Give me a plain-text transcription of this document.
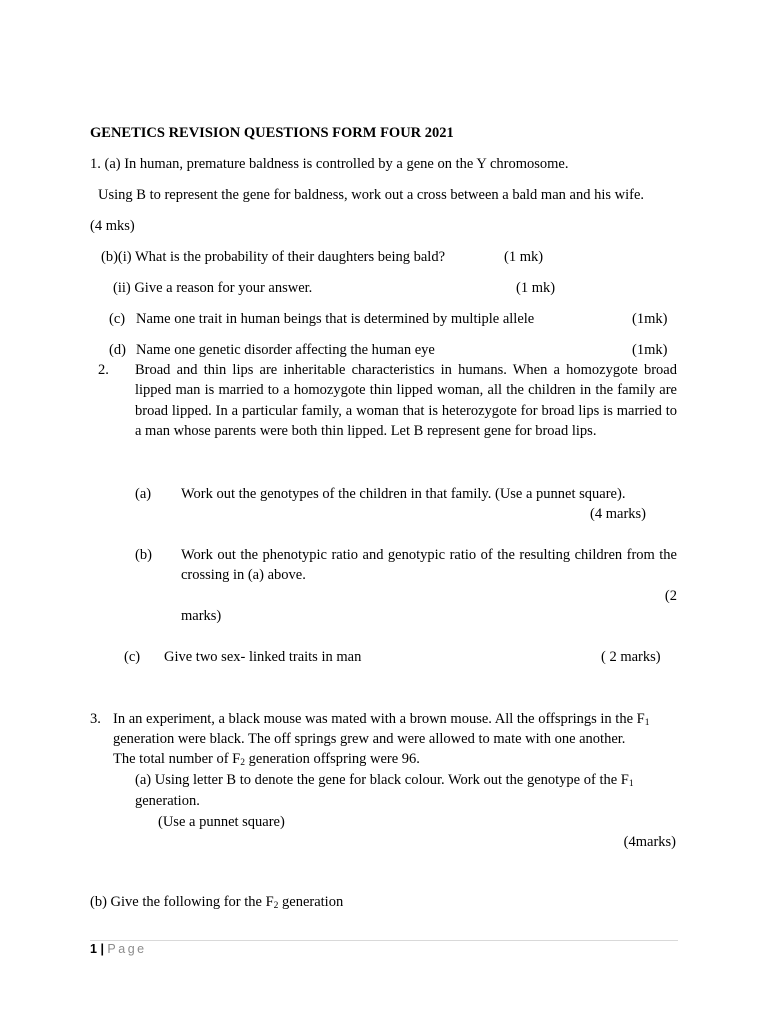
GENETICS REVISION QUESTIONS FORM FOUR 2021
1. (a) In human, premature baldness is controlled by a gene on the Y chromosome.
Using B to represent the gene for baldness, work out a cross between a bald man and his wife.
(4 mks)
(b)(i) What is the probability of their daughters being bald?	(1 mk)
(ii) Give a reason for your answer.	(1 mk)
(c) Name one trait in human beings that is determined by multiple allele	(1mk)
(d) Name one genetic disorder affecting the human eye	(1mk)
2. Broad and thin lips are inheritable characteristics in humans. When a homozygote broad lipped man is married to a homozygote thin lipped woman, all the children in the family are broad lipped. In a particular family, a woman that is heterozygote for broad lips is married to a man whose parents were both thin lipped. Let B represent gene for broad lips.
(a) Work out the genotypes of the children in that family. (Use a punnet square).
(4 marks)
(b) Work out the phenotypic ratio and genotypic ratio of the resulting children from the crossing in (a) above.
(2
marks)
(c) Give two sex- linked traits in man	( 2 marks)
3. In an experiment, a black mouse was mated with a brown mouse. All the offsprings in the $F_1$
generation were black. The off springs grew and were allowed to mate with one another.
The total number of $F_2$ generation offspring were 96.
(a) Using letter B to denote the gene for black colour. Work out the genotype of the $F_1$
generation.
(Use a punnet square)
(4marks)
(b) Give the following for the $F_2$ generation
1 | Page
